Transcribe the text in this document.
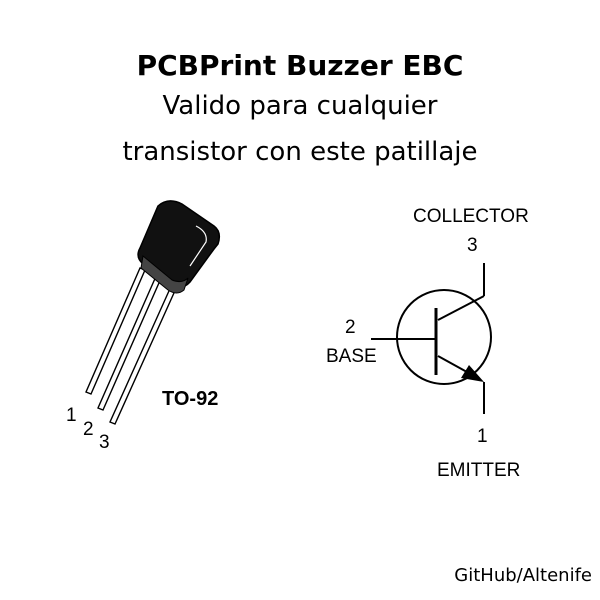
PCBPrint Buzzer EBC
Valido para cualquier
transistor con este patillaje
1
2
3
TO-92
COLLECTOR
3
2
BASE
1
EMITTER
GitHub/Altenife
